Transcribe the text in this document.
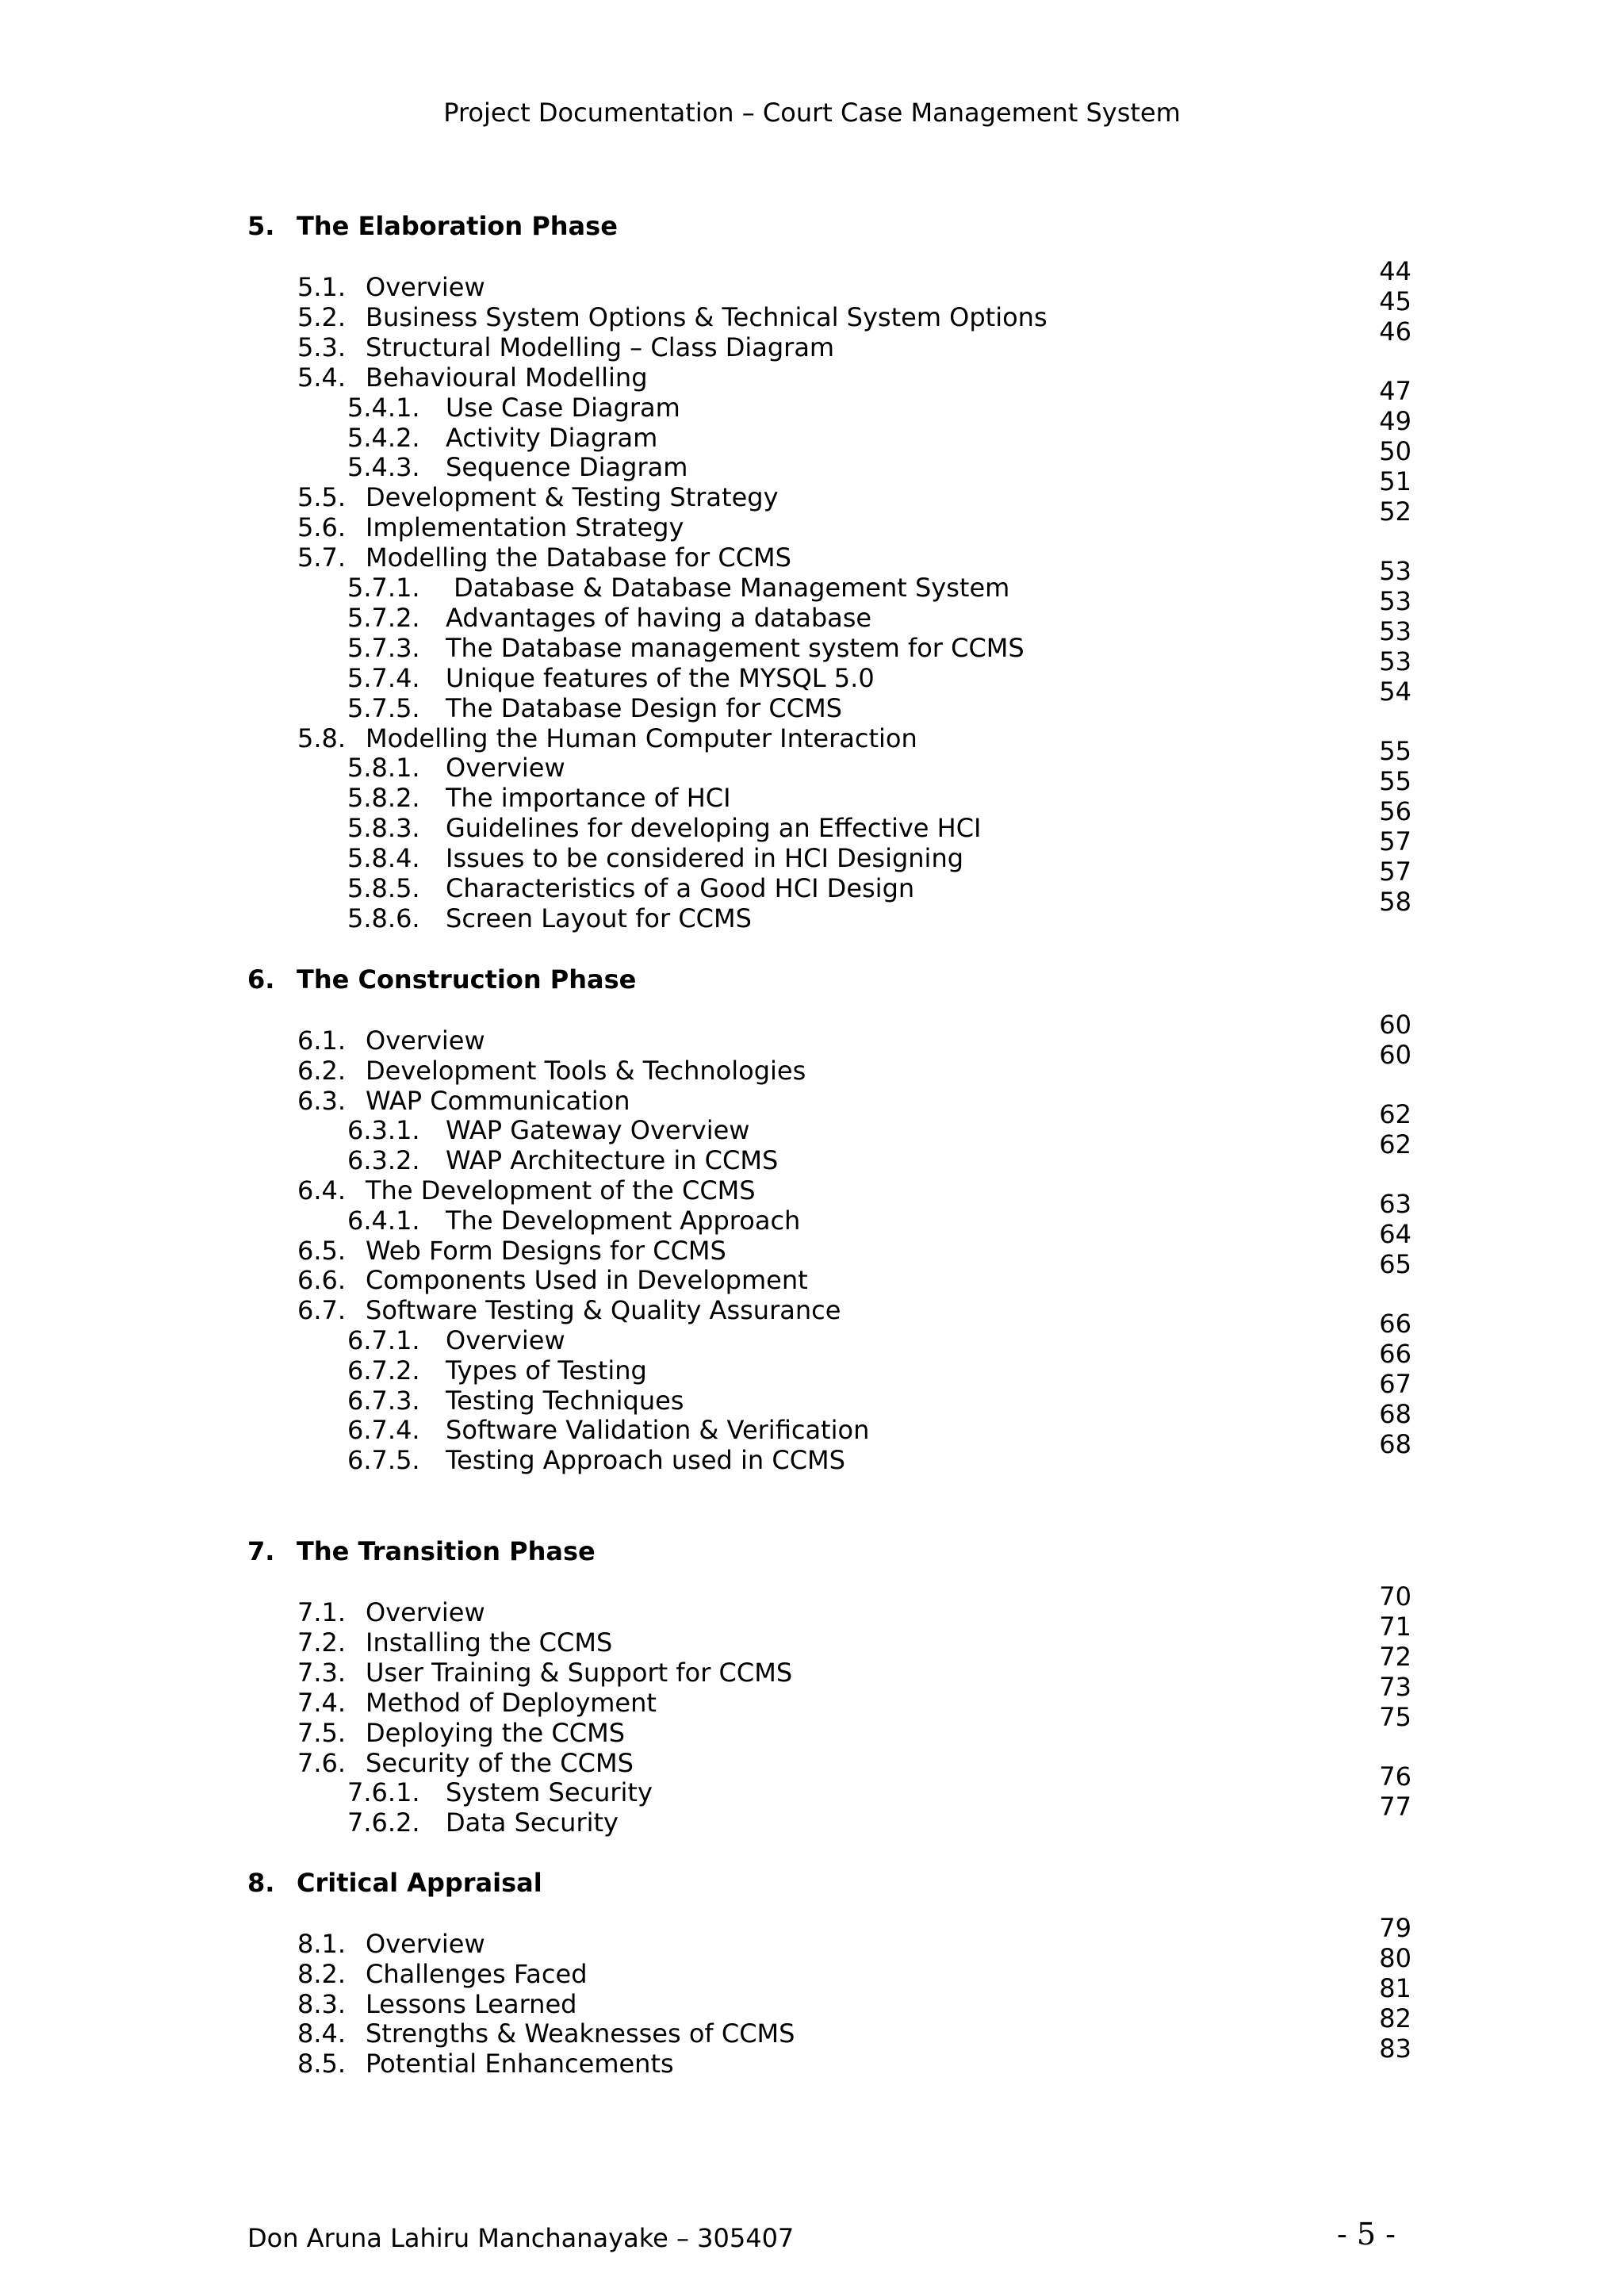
Project Documentation – Court Case Management System
5. The Elaboration Phase
5.1. Overview
5.2. Business System Options & Technical System Options
5.3. Structural Modelling – Class Diagram
5.4. Behavioural Modelling
5.4.1. Use Case Diagram
5.4.2. Activity Diagram
5.4.3. Sequence Diagram
5.5. Development & Testing Strategy
5.6. Implementation Strategy
5.7. Modelling the Database for CCMS
5.7.1. Database & Database Management System
5.7.2. Advantages of having a database
5.7.3. The Database management system for CCMS
5.7.4. Unique features of the MYSQL 5.0
5.7.5. The Database Design for CCMS
5.8. Modelling the Human Computer Interaction
5.8.1. Overview
5.8.2. The importance of HCI
5.8.3. Guidelines for developing an Effective HCI
5.8.4. Issues to be considered in HCI Designing
5.8.5. Characteristics of a Good HCI Design
5.8.6. Screen Layout for CCMS
44
45
46
47
49
50
51
52
53
53
53
53
54
55
55
56
57
57
58
6. The Construction Phase
6.1. Overview
6.2. Development Tools & Technologies
6.3. WAP Communication
6.3.1. WAP Gateway Overview
6.3.2. WAP Architecture in CCMS
6.4. The Development of the CCMS
6.4.1. The Development Approach
6.5. Web Form Designs for CCMS
6.6. Components Used in Development
6.7. Software Testing & Quality Assurance
6.7.1. Overview
6.7.2. Types of Testing
6.7.3. Testing Techniques
6.7.4. Software Validation & Verification
6.7.5. Testing Approach used in CCMS
60
60
62
62
63
64
65
66
66
67
68
68
7. The Transition Phase
7.1. Overview
7.2. Installing the CCMS
7.3. User Training & Support for CCMS
7.4. Method of Deployment
7.5. Deploying the CCMS
7.6. Security of the CCMS
7.6.1. System Security
7.6.2. Data Security
70
71
72
73
75
76
77
8. Critical Appraisal
8.1. Overview
8.2. Challenges Faced
8.3. Lessons Learned
8.4. Strengths & Weaknesses of CCMS
8.5. Potential Enhancements
79
80
81
82
83
Don Aruna Lahiru Manchanayake – 305407	- 5 -
